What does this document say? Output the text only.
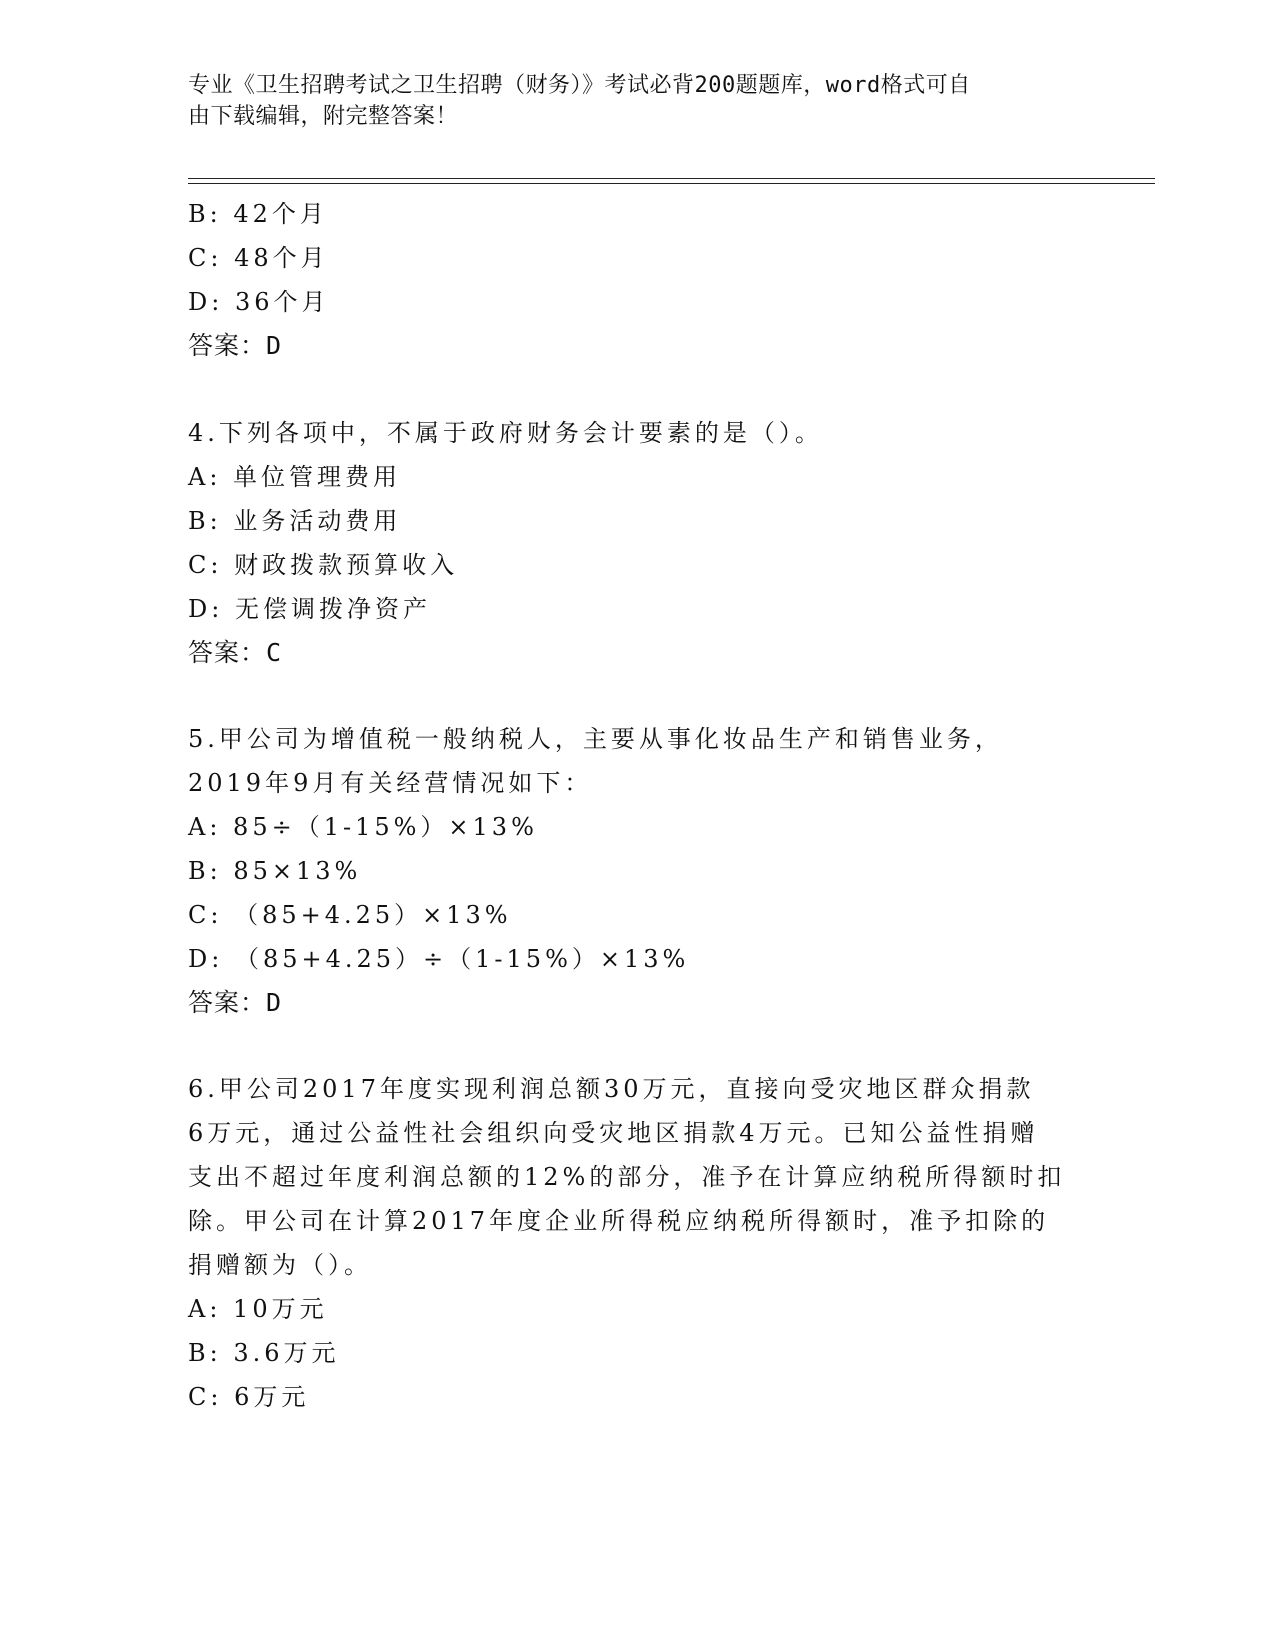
专业《卫生招聘考试之卫生招聘（财务）》考试必背200题题库，word格式可自
由下载编辑，附完整答案！
B: 42个月
C: 48个月
D: 36个月
答案：D
4.下列各项中，不属于政府财务会计要素的是（）。
A: 单位管理费用
B: 业务活动费用
C: 财政拨款预算收入
D: 无偿调拨净资产
答案：C
5.甲公司为增值税一般纳税人，主要从事化妆品生产和销售业务，
2019年9月有关经营情况如下：
A: 85÷（1-15%）×13%
B: 85×13%
C: （85+4.25）×13%
D: （85+4.25）÷（1-15%）×13%
答案：D
6.甲公司2017年度实现利润总额30万元，直接向受灾地区群众捐款
6万元，通过公益性社会组织向受灾地区捐款4万元。已知公益性捐赠
支出不超过年度利润总额的12%的部分，准予在计算应纳税所得额时扣
除。甲公司在计算2017年度企业所得税应纳税所得额时，准予扣除的
捐赠额为（）。
A: 10万元
B: 3.6万元
C: 6万元
